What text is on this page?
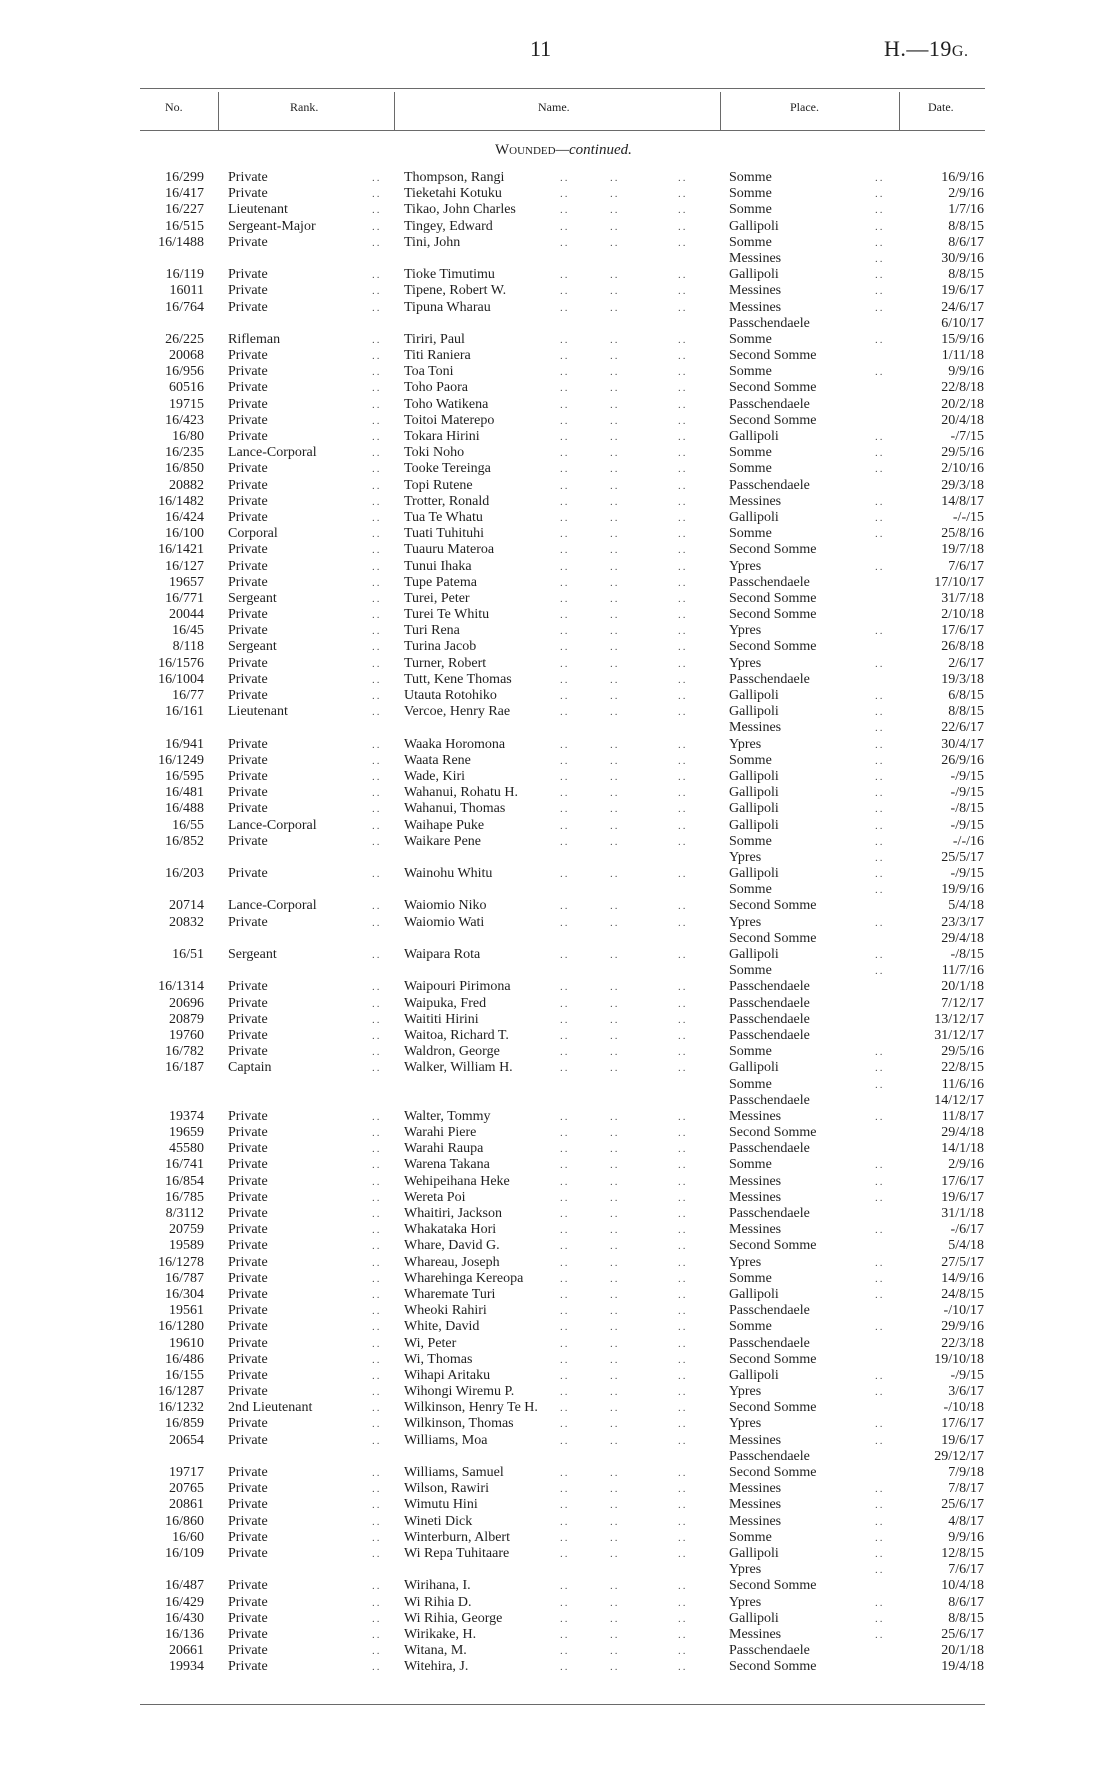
11	H.—19G.
No.	Rank.	Name.	Place.	Date.
Wounded—continued.
16/299 Private	Thompson, Rangi	Somme	16/9/16
..	..	..	..	..
16/417 Private	Tieketahi Kotuku	Somme	2/9/16
..	..	..	..	..
16/227 Lieutenant	Tikao, John Charles	Somme	1/7/16
..	..	..	..	..
16/515 Sergeant-Major	Tingey, Edward	Gallipoli	8/8/15
..	..	..	..	..
16/1488 Private	Tini, John	Somme	8/6/17
..	..	..	..	..
Messines	30/9/16
..
16/119 Private	Tioke Timutimu	Gallipoli	8/8/15
..	..	..	..	..
16011 Private	Tipene, Robert W.	Messines	19/6/17
..	..	..	..	..
16/764 Private	Tipuna Wharau	Messines	24/6/17
..	..	..	..	..
Passchendaele	6/10/17
26/225 Rifleman	Tiriri, Paul	Somme	15/9/16
..	..	..	..	..
20068 Private	Titi Raniera	Second Somme	1/11/18
..	..	..	..
16/956 Private	Toa Toni	Somme	9/9/16
..	..	..	..	..
60516 Private	Toho Paora	Second Somme	22/8/18
..	..	..	..
19715 Private	Toho Watikena	Passchendaele	20/2/18
..	..	..	..
16/423 Private	Toitoi Materepo	Second Somme	20/4/18
..	..	..	..
16/80 Private	Tokara Hirini	Gallipoli	-/7/15
..	..	..	..	..
16/235 Lance-Corporal	Toki Noho	Somme	29/5/16
..	..	..	..	..
16/850 Private	Tooke Tereinga	Somme	2/10/16
..	..	..	..	..
20882 Private	Topi Rutene	Passchendaele	29/3/18
..	..	..	..
16/1482 Private	Trotter, Ronald	Messines	14/8/17
..	..	..	..	..
16/424 Private	Tua Te Whatu	Gallipoli	-/-/15
..	..	..	..	..
16/100 Corporal	Tuati Tuhituhi	Somme	25/8/16
..	..	..	..	..
16/1421 Private	Tuauru Materoa	Second Somme	19/7/18
..	..	..	..
16/127 Private	Tunui Ihaka	Ypres	7/6/17
..	..	..	..	..
19657 Private	Tupe Patema	Passchendaele	17/10/17
..	..	..	..
16/771 Sergeant	Turei, Peter	Second Somme	31/7/18
..	..	..	..
20044 Private	Turei Te Whitu	Second Somme	2/10/18
..	..	..	..
16/45 Private	Turi Rena	Ypres	17/6/17
..	..	..	..	..
8/118 Sergeant	Turina Jacob	Second Somme	26/8/18
..	..	..	..
16/1576 Private	Turner, Robert	Ypres	2/6/17
..	..	..	..	..
16/1004 Private	Tutt, Kene Thomas	Passchendaele	19/3/18
..	..	..	..
16/77 Private	Utauta Rotohiko	Gallipoli	6/8/15
..	..	..	..	..
16/161 Lieutenant	Vercoe, Henry Rae	Gallipoli	8/8/15
..	..	..	..	..
Messines	22/6/17
..
16/941 Private	Waaka Horomona	Ypres	30/4/17
..	..	..	..	..
16/1249 Private	Waata Rene	Somme	26/9/16
..	..	..	..	..
16/595 Private	Wade, Kiri	Gallipoli	-/9/15
..	..	..	..	..
16/481 Private	Wahanui, Rohatu H.	Gallipoli	-/9/15
..	..	..	..	..
16/488 Private	Wahanui, Thomas	Gallipoli	-/8/15
..	..	..	..	..
16/55 Lance-Corporal	Waihape Puke	Gallipoli	-/9/15
..	..	..	..	..
16/852 Private	Waikare Pene	Somme	-/-/16
..	..	..	..	..
Ypres	25/5/17
..
16/203 Private	Wainohu Whitu	Gallipoli	-/9/15
..	..	..	..	..
Somme	19/9/16
..
20714 Lance-Corporal	Waiomio Niko	Second Somme	5/4/18
..	..	..	..
20832 Private	Waiomio Wati	Ypres	23/3/17
..	..	..	..	..
Second Somme	29/4/18
16/51 Sergeant	Waipara Rota	Gallipoli	-/8/15
..	..	..	..	..
Somme	11/7/16
..
16/1314 Private	Waipouri Pirimona	Passchendaele	20/1/18
..	..	..	..
20696 Private	Waipuka, Fred	Passchendaele	7/12/17
..	..	..	..
20879 Private	Waititi Hirini	Passchendaele	13/12/17
..	..	..	..
19760 Private	Waitoa, Richard T.	Passchendaele	31/12/17
..	..	..	..
16/782 Private	Waldron, George	Somme	29/5/16
..	..	..	..	..
16/187 Captain	Walker, William H.	Gallipoli	22/8/15
..	..	..	..	..
Somme	11/6/16
..
Passchendaele	14/12/17
19374 Private	Walter, Tommy	Messines	11/8/17
..	..	..	..	..
19659 Private	Warahi Piere	Second Somme	29/4/18
..	..	..	..
45580 Private	Warahi Raupa	Passchendaele	14/1/18
..	..	..	..
16/741 Private	Warena Takana	Somme	2/9/16
..	..	..	..	..
16/854 Private	Wehipeihana Heke	Messines	17/6/17
..	..	..	..	..
16/785 Private	Wereta Poi	Messines	19/6/17
..	..	..	..	..
8/3112 Private	Whaitiri, Jackson	Passchendaele	31/1/18
..	..	..	..
20759 Private	Whakataka Hori	Messines	-/6/17
..	..	..	..	..
19589 Private	Whare, David G.	Second Somme	5/4/18
..	..	..	..
16/1278 Private	Whareau, Joseph	Ypres	27/5/17
..	..	..	..	..
16/787 Private	Wharehinga Kereopa	Somme	14/9/16
..	..	..	..	..
16/304 Private	Wharemate Turi	Gallipoli	24/8/15
..	..	..	..	..
19561 Private	Wheoki Rahiri	Passchendaele	-/10/17
..	..	..	..
16/1280 Private	White, David	Somme	29/9/16
..	..	..	..	..
19610 Private	Wi, Peter	Passchendaele	22/3/18
..	..	..	..
16/486 Private	Wi, Thomas	Second Somme	19/10/18
..	..	..	..
16/155 Private	Wihapi Aritaku	Gallipoli	-/9/15
..	..	..	..	..
16/1287 Private	Wihongi Wiremu P.	Ypres	3/6/17
..	..	..	..	..
16/1232 2nd Lieutenant	Wilkinson, Henry Te H.	Second Somme	-/10/18
..	..	..	..
16/859 Private	Wilkinson, Thomas	Ypres	17/6/17
..	..	..	..	..
20654 Private	Williams, Moa	Messines	19/6/17
..	..	..	..	..
Passchendaele	29/12/17
19717 Private	Williams, Samuel	Second Somme	7/9/18
..	..	..	..
20765 Private	Wilson, Rawiri	Messines	7/8/17
..	..	..	..	..
20861 Private	Wimutu Hini	Messines	25/6/17
..	..	..	..	..
16/860 Private	Wineti Dick	Messines	4/8/17
..	..	..	..	..
16/60 Private	Winterburn, Albert	Somme	9/9/16
..	..	..	..	..
16/109 Private	Wi Repa Tuhitaare	Gallipoli	12/8/15
..	..	..	..	..
Ypres	7/6/17
..
16/487 Private	Wirihana, I.	Second Somme	10/4/18
..	..	..	..
16/429 Private	Wi Rihia D.	Ypres	8/6/17
..	..	..	..	..
16/430 Private	Wi Rihia, George	Gallipoli	8/8/15
..	..	..	..	..
16/136 Private	Wirikake, H.	Messines	25/6/17
..	..	..	..	..
20661 Private	Witana, M.	Passchendaele	20/1/18
..	..	..	..
19934 Private	Witehira, J.	Second Somme	19/4/18
..	..	..	..
